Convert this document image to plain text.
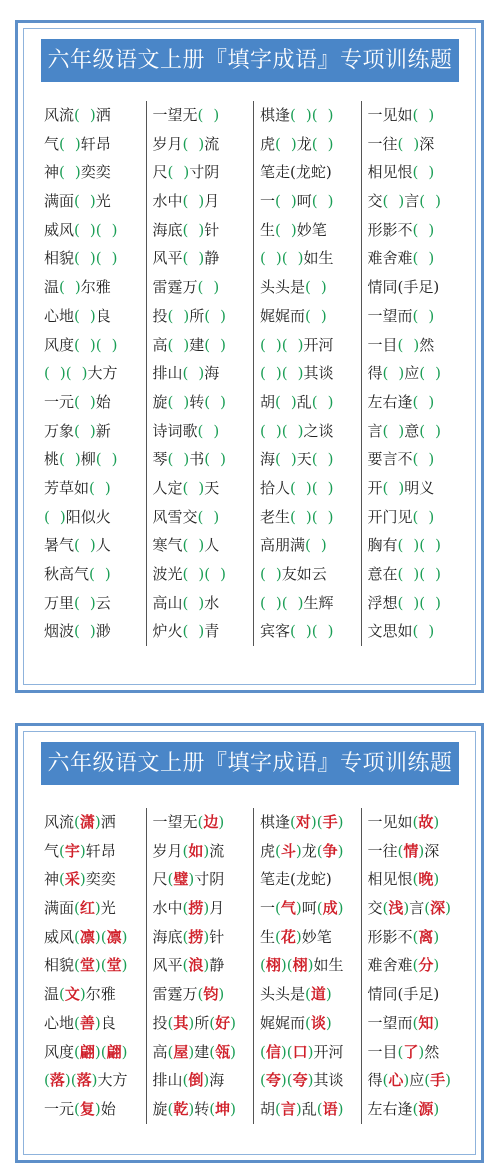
六年级语文上册『填字成语』专项训练题
风流( )洒
气( )轩昂
神( )奕奕
满面( )光
威风( )( )
相貌( )( )
温( )尔雅
心地( )良
风度( )( )
( )( )大方
一元( )始
万象( )新
桃( )柳( )
芳草如( )
( )阳似火
暑气( )人
秋高气( )
万里( )云
烟波( )渺
一望无( )
岁月( )流
尺( )寸阴
水中( )月
海底( )针
风平( )静
雷霆万( )
投( )所( )
高( )建( )
排山( )海
旋( )转( )
诗词歌( )
琴( )书( )
人定( )天
风雪交( )
寒气( )人
波光( )( )
高山( )水
炉火( )青
棋逢( )( )
虎( )龙( )
笔走(龙蛇)
一( )呵( )
生( )妙笔
( )( )如生
头头是( )
娓娓而( )
( )( )开河
( )( )其谈
胡( )乱( )
( )( )之谈
海( )天( )
拾人( )( )
老生( )( )
高朋满( )
( )友如云
( )( )生辉
宾客( )( )
一见如( )
一往( )深
相见恨( )
交( )言( )
形影不( )
难舍难( )
情同(手足)
一望而( )
一目( )然
得( )应( )
左右逢( )
言( )意( )
要言不( )
开( )明义
开门见( )
胸有( )( )
意在( )( )
浮想( )( )
文思如( )
六年级语文上册『填字成语』专项训练题
风流(潇)洒
气(宇)轩昂
神(采)奕奕
满面(红)光
威风(凛)(凛)
相貌(堂)(堂)
温(文)尔雅
心地(善)良
风度(翩)(翩)
(落)(落)大方
一元(复)始
一望无(边)
岁月(如)流
尺(璧)寸阴
水中(捞)月
海底(捞)针
风平(浪)静
雷霆万(钧)
投(其)所(好)
高(屋)建(瓴)
排山(倒)海
旋(乾)转(坤)
棋逢(对)(手)
虎(斗)龙(争)
笔走(龙蛇)
一(气)呵(成)
生(花)妙笔
(栩)(栩)如生
头头是(道)
娓娓而(谈)
(信)(口)开河
(夸)(夸)其谈
胡(言)乱(语)
一见如(故)
一往(情)深
相见恨(晚)
交(浅)言(深)
形影不(离)
难舍难(分)
情同(手足)
一望而(知)
一目(了)然
得(心)应(手)
左右逢(源)
